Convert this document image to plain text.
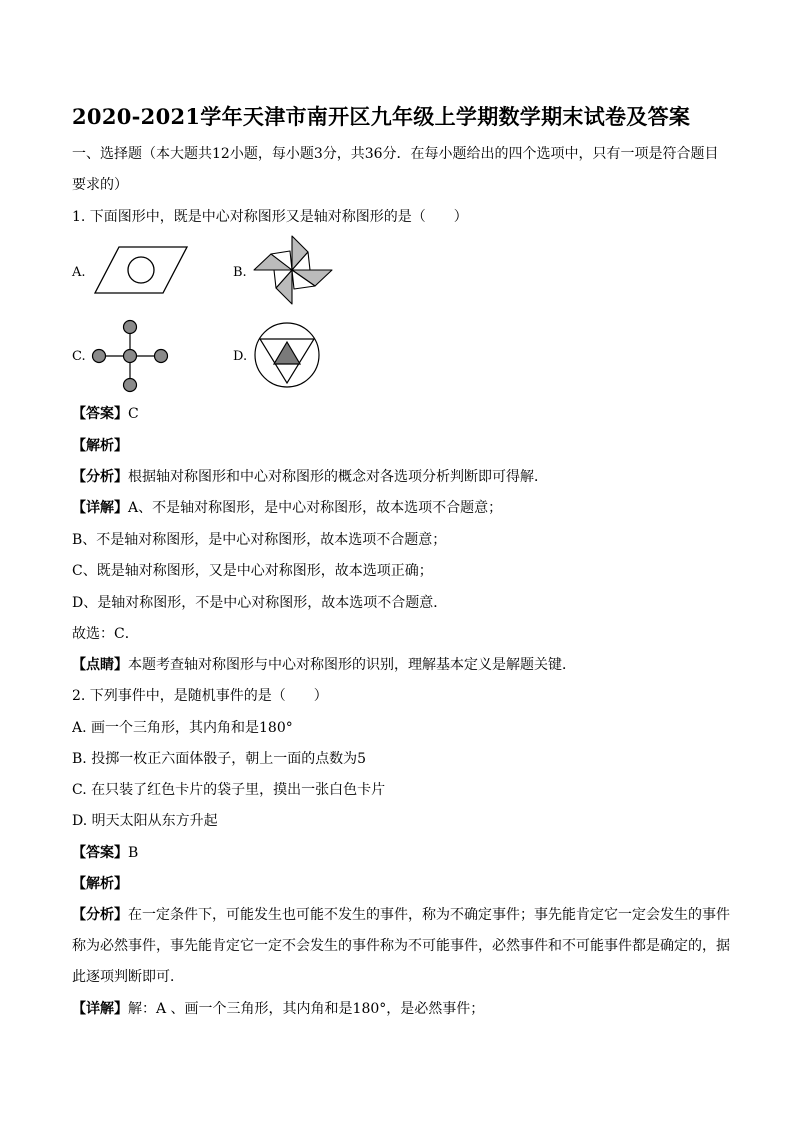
2020-2021学年天津市南开区九年级上学期数学期末试卷及答案
一、选择题（本大题共12小题，每小题3分，共36分．在每小题给出的四个选项中，只有一项是符合题目要求的）
1. 下面图形中，既是中心对称图形又是轴对称图形的是（　　）
A.	B.
C.	D.
【答案】C
【解析】
【分析】根据轴对称图形和中心对称图形的概念对各选项分析判断即可得解．
【详解】A、不是轴对称图形，是中心对称图形，故本选项不合题意；
B、不是轴对称图形，是中心对称图形，故本选项不合题意；
C、既是轴对称图形，又是中心对称图形，故本选项正确；
D、是轴对称图形，不是中心对称图形，故本选项不合题意．
故选：C．
【点睛】本题考查轴对称图形与中心对称图形的识别，理解基本定义是解题关键．
2. 下列事件中，是随机事件的是（　　）
A. 画一个三角形，其内角和是180°
B. 投掷一枚正六面体骰子，朝上一面的点数为5
C. 在只装了红色卡片的袋子里，摸出一张白色卡片
D. 明天太阳从东方升起
【答案】B
【解析】
【分析】在一定条件下，可能发生也可能不发生的事件，称为不确定事件；事先能肯定它一定会发生的事件称为必然事件，事先能肯定它一定不会发生的事件称为不可能事件，必然事件和不可能事件都是确定的，据此逐项判断即可．
【详解】解：A 、画一个三角形，其内角和是180°，是必然事件；
